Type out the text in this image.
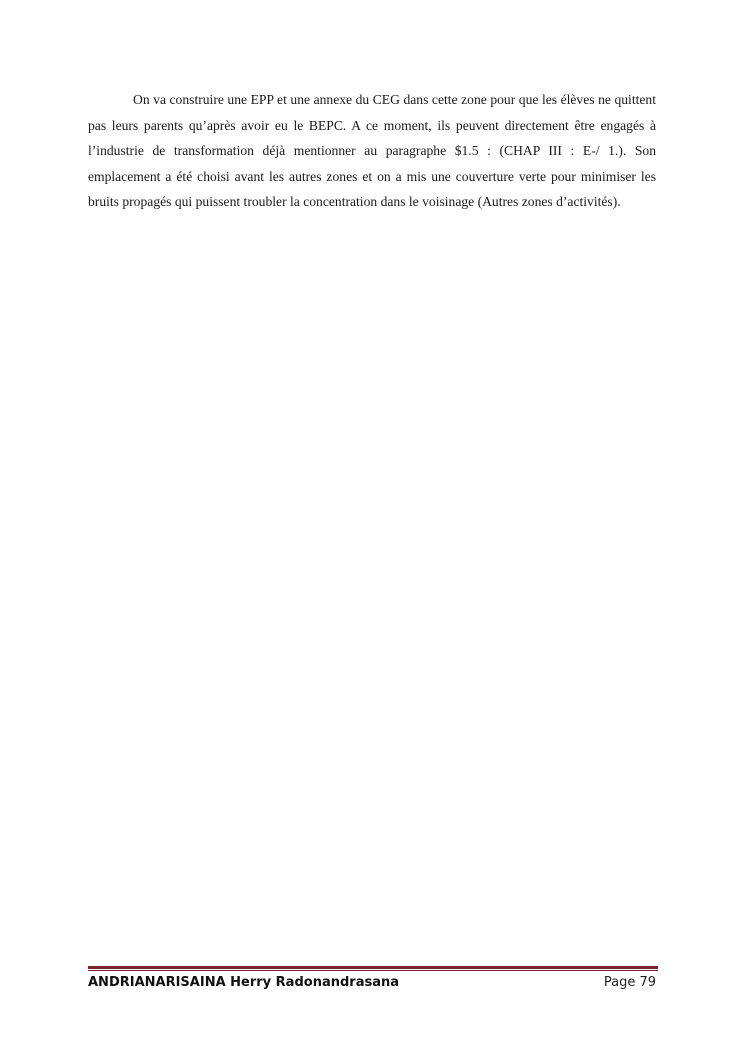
On va construire une EPP et une annexe du CEG dans cette zone pour que les élèves ne quittent pas leurs parents qu’après avoir eu le BEPC. A ce moment, ils peuvent directement être engagés à l’industrie de transformation déjà mentionner au paragraphe $1.5 : (CHAP III : E-/ 1.). Son emplacement a été choisi avant les autres zones et on a mis une couverture verte pour minimiser les bruits propagés qui puissent troubler la concentration dans le voisinage (Autres zones d’activités).

ANDRIANARISAINA Herry Radonandrasana	Page 79
